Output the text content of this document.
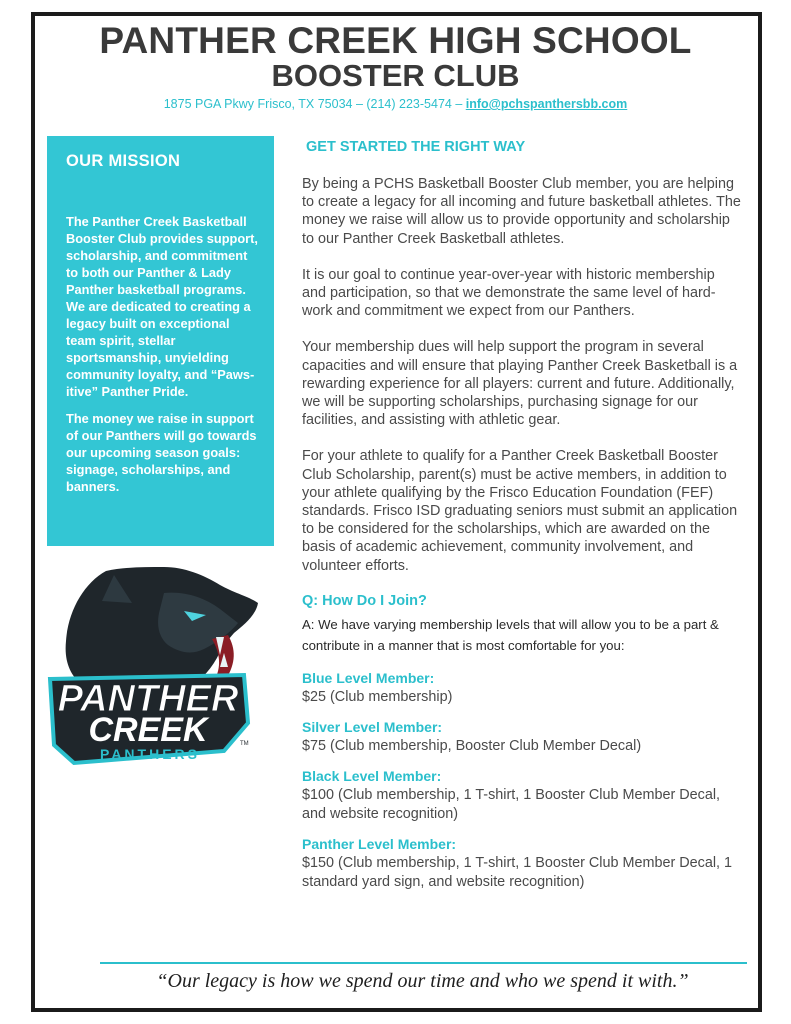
PANTHER CREEK HIGH SCHOOL
BOOSTER CLUB
1875 PGA Pkwy Frisco, TX 75034 – (214) 223-5474 – info@pchspanthersbb.com
OUR MISSION

The Panther Creek Basketball Booster Club provides support, scholarship, and commitment to both our Panther & Lady Panther basketball programs. We are dedicated to creating a legacy built on exceptional team spirit, stellar sportsmanship, unyielding community loyalty, and “Paws-itive” Panther Pride.

The money we raise in support of our Panthers will go towards our upcoming season goals: signage, scholarships, and banners.

PANTHER
CREEK
PANTHERS
TM
GET STARTED THE RIGHT WAY

By being a PCHS Basketball Booster Club member, you are helping to create a legacy for all incoming and future basketball athletes. The money we raise will allow us to provide opportunity and scholarship to our Panther Creek Basketball athletes.

It is our goal to continue year-over-year with historic membership and participation, so that we demonstrate the same level of hard-work and commitment we expect from our Panthers.

Your membership dues will help support the program in several capacities and will ensure that playing Panther Creek Basketball is a rewarding experience for all players: current and future. Additionally, we will be supporting scholarships, purchasing signage for our facilities, and assisting with athletic gear.

For your athlete to qualify for a Panther Creek Basketball Booster Club Scholarship, parent(s) must be active members, in addition to your athlete qualifying by the Frisco Education Foundation (FEF) standards. Frisco ISD graduating seniors must submit an application to be considered for the scholarships, which are awarded on the basis of academic achievement, community involvement, and volunteer efforts.

Q: How Do I Join?
A: We have varying membership levels that will allow you to be a part & contribute in a manner that is most comfortable for you:
Blue Level Member:
$25 (Club membership)
Silver Level Member:
$75 (Club membership, Booster Club Member Decal)
Black Level Member:
$100 (Club membership, 1 T-shirt, 1 Booster Club Member Decal, and website recognition)
Panther Level Member:
$150 (Club membership, 1 T-shirt, 1 Booster Club Member Decal, 1 standard yard sign, and website recognition)
“Our legacy is how we spend our time and who we spend it with.”
